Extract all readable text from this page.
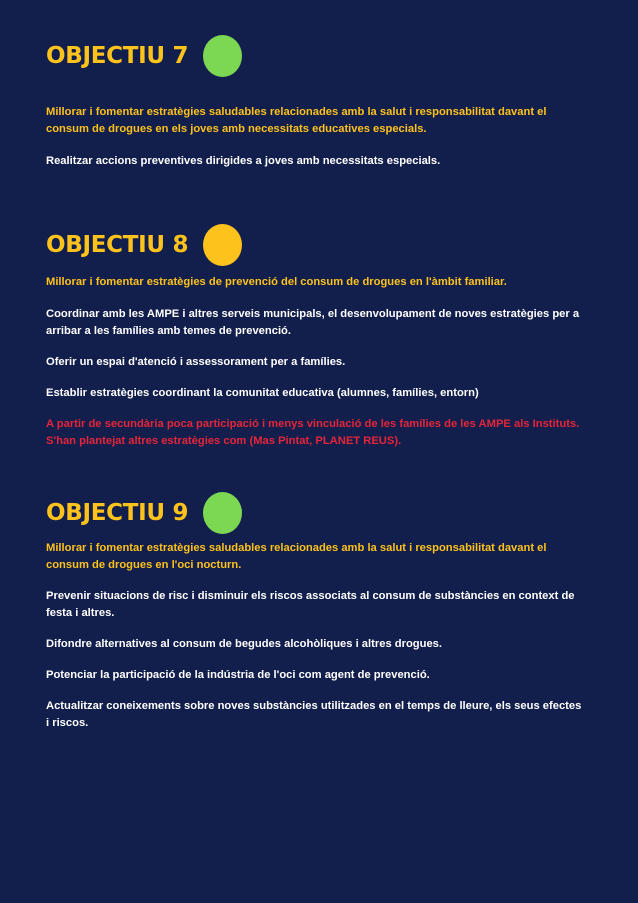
OBJECTIU 7

Millorar i fomentar estratègies saludables relacionades amb la salut i responsabilitat davant el consum de drogues en els joves amb necessitats educatives especials.

Realitzar accions preventives dirigides a joves amb necessitats especials.

OBJECTIU 8

Millorar i fomentar estratègies de prevenció del consum de drogues en l'àmbit familiar.

Coordinar amb les AMPE i altres serveis municipals, el desenvolupament de noves estratègies per a arribar a les famílies amb temes de prevenció.

Oferir un espai d'atenció i assessorament per a famílies.

Establir estratègies coordinant la comunitat educativa (alumnes, famílies, entorn)

A partir de secundària poca participació i menys vinculació de les famílies de les AMPE als Instituts. S'han plantejat altres estratègies com (Mas Pintat, PLANET REUS).

OBJECTIU 9

Millorar i fomentar estratègies saludables relacionades amb la salut i responsabilitat davant el consum de drogues en l'oci nocturn.

Prevenir situacions de risc i disminuir els riscos associats al consum de substàncies en context de festa i altres.

Difondre alternatives al consum de begudes alcohòliques i altres drogues.

Potenciar la participació de la indústria de l'oci com agent de prevenció.

Actualitzar coneixements sobre noves substàncies utilitzades en el temps de lleure, els seus efectes i riscos.
